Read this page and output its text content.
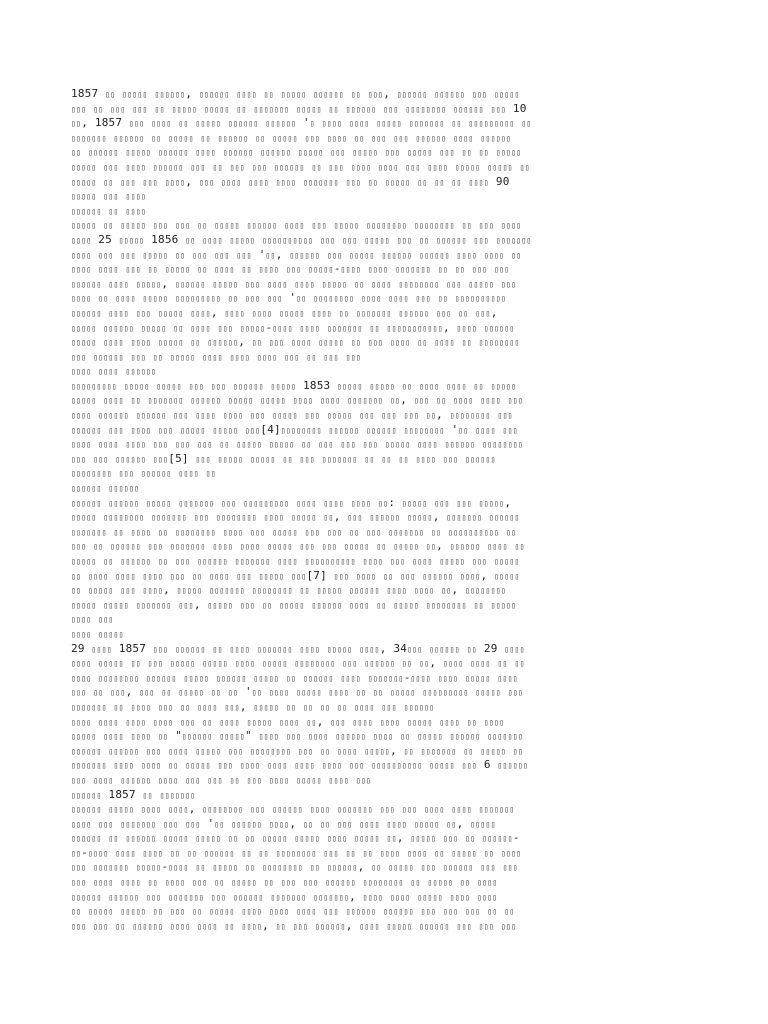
1857 ▯▯ ▯▯▯▯▯ ▯▯▯▯▯▯, ▯▯▯▯▯▯ ▯▯▯▯ ▯▯ ▯▯▯▯▯ ▯▯▯▯▯▯ ▯▯ ▯▯▯, ▯▯▯▯▯▯ ▯▯▯▯▯▯ ▯▯▯ ▯▯▯▯▯
▯▯▯ ▯▯ ▯▯▯ ▯▯▯ ▯▯ ▯▯▯▯▯ ▯▯▯▯▯ ▯▯ ▯▯▯▯▯▯▯ ▯▯▯▯▯ ▯▯ ▯▯▯▯▯▯ ▯▯▯ ▯▯▯▯▯▯▯▯ ▯▯▯▯▯▯ ▯▯▯ 10
▯▯, 1857 ▯▯▯ ▯▯▯▯ ▯▯ ▯▯▯▯▯ ▯▯▯▯▯▯ ▯▯▯▯▯▯ '▯ ▯▯▯▯ ▯▯▯▯ ▯▯▯▯▯ ▯▯▯▯▯▯▯ ▯▯ ▯▯▯▯▯▯▯▯▯ ▯▯
▯▯▯▯▯▯▯ ▯▯▯▯▯▯ ▯▯ ▯▯▯▯▯ ▯▯ ▯▯▯▯▯▯ ▯▯ ▯▯▯▯▯ ▯▯▯ ▯▯▯▯ ▯▯ ▯▯▯ ▯▯▯ ▯▯▯▯▯▯ ▯▯▯▯ ▯▯▯▯▯▯
▯▯ ▯▯▯▯▯▯ ▯▯▯▯▯ ▯▯▯▯▯▯ ▯▯▯▯ ▯▯▯▯▯▯ ▯▯▯▯▯▯ ▯▯▯▯▯ ▯▯▯ ▯▯▯▯▯ ▯▯▯ ▯▯▯▯▯ ▯▯▯ ▯▯ ▯▯ ▯▯▯▯▯
▯▯▯▯▯ ▯▯▯ ▯▯▯▯ ▯▯▯▯▯▯ ▯▯▯ ▯▯ ▯▯▯ ▯▯▯ ▯▯▯▯▯▯ ▯▯ ▯▯▯ ▯▯▯▯ ▯▯▯▯ ▯▯▯ ▯▯▯▯ ▯▯▯▯▯ ▯▯▯▯▯ ▯▯
▯▯▯▯▯ ▯▯ ▯▯▯ ▯▯▯ ▯▯▯▯, ▯▯▯ ▯▯▯▯ ▯▯▯▯ ▯▯▯▯ ▯▯▯▯▯▯▯ ▯▯▯ ▯▯ ▯▯▯▯▯ ▯▯ ▯▯ ▯▯ ▯▯▯▯ 90
▯▯▯▯▯ ▯▯▯ ▯▯▯▯
▯▯▯▯▯▯ ▯▯ ▯▯▯▯
▯▯▯▯▯ ▯▯ ▯▯▯▯▯ ▯▯▯ ▯▯▯ ▯▯ ▯▯▯▯▯ ▯▯▯▯▯▯ ▯▯▯▯ ▯▯▯ ▯▯▯▯▯ ▯▯▯▯▯▯▯▯ ▯▯▯▯▯▯▯▯ ▯▯ ▯▯▯ ▯▯▯▯
▯▯▯▯ 25 ▯▯▯▯▯ 1856 ▯▯ ▯▯▯▯ ▯▯▯▯▯ ▯▯▯▯▯▯▯▯▯▯ ▯▯▯ ▯▯▯ ▯▯▯▯▯ ▯▯▯ ▯▯ ▯▯▯▯▯▯ ▯▯▯ ▯▯▯▯▯▯▯
▯▯▯▯ ▯▯▯ ▯▯▯ ▯▯▯▯▯ ▯▯ ▯▯▯ ▯▯▯ ▯▯▯ '▯▯, ▯▯▯▯▯▯ ▯▯▯ ▯▯▯▯▯ ▯▯▯▯▯▯ ▯▯▯▯▯▯ ▯▯▯▯ ▯▯▯▯ ▯▯
▯▯▯▯ ▯▯▯▯ ▯▯▯ ▯▯ ▯▯▯▯▯ ▯▯ ▯▯▯▯ ▯▯ ▯▯▯▯ ▯▯▯ ▯▯▯▯▯-▯▯▯▯ ▯▯▯▯ ▯▯▯▯▯▯▯ ▯▯ ▯▯ ▯▯▯ ▯▯▯
▯▯▯▯▯▯ ▯▯▯▯ ▯▯▯▯▯, ▯▯▯▯▯▯ ▯▯▯▯▯ ▯▯▯ ▯▯▯▯ ▯▯▯▯ ▯▯▯▯▯ ▯▯ ▯▯▯▯ ▯▯▯▯▯▯▯▯ ▯▯▯ ▯▯▯▯▯ ▯▯▯
▯▯▯▯ ▯▯ ▯▯▯▯ ▯▯▯▯▯ ▯▯▯▯▯▯▯▯▯ ▯▯ ▯▯▯ ▯▯▯ '▯▯ ▯▯▯▯▯▯▯▯ ▯▯▯▯ ▯▯▯▯ ▯▯▯ ▯▯ ▯▯▯▯▯▯▯▯▯▯
▯▯▯▯▯▯ ▯▯▯▯ ▯▯▯ ▯▯▯▯▯ ▯▯▯▯, ▯▯▯▯ ▯▯▯▯ ▯▯▯▯▯ ▯▯▯▯ ▯▯ ▯▯▯▯▯▯▯ ▯▯▯▯▯▯ ▯▯▯ ▯▯ ▯▯▯,
▯▯▯▯▯ ▯▯▯▯▯▯ ▯▯▯▯▯ ▯▯ ▯▯▯▯ ▯▯▯ ▯▯▯▯▯-▯▯▯▯ ▯▯▯▯ ▯▯▯▯▯▯▯ ▯▯ ▯▯▯▯▯▯▯▯▯▯▯, ▯▯▯▯ ▯▯▯▯▯▯
▯▯▯▯▯ ▯▯▯▯ ▯▯▯▯ ▯▯▯▯▯ ▯▯ ▯▯▯▯▯▯, ▯▯ ▯▯▯ ▯▯▯▯ ▯▯▯▯▯ ▯▯ ▯▯▯ ▯▯▯▯ ▯▯ ▯▯▯▯ ▯▯ ▯▯▯▯▯▯▯▯
▯▯▯ ▯▯▯▯▯▯ ▯▯▯ ▯▯ ▯▯▯▯▯ ▯▯▯▯ ▯▯▯▯ ▯▯▯▯ ▯▯▯ ▯▯ ▯▯▯ ▯▯▯
▯▯▯▯ ▯▯▯▯ ▯▯▯▯▯▯
▯▯▯▯▯▯▯▯▯ ▯▯▯▯▯ ▯▯▯▯▯ ▯▯▯ ▯▯▯ ▯▯▯▯▯▯ ▯▯▯▯▯ 1853 ▯▯▯▯▯ ▯▯▯▯▯ ▯▯ ▯▯▯▯ ▯▯▯▯ ▯▯ ▯▯▯▯▯
▯▯▯▯▯ ▯▯▯▯ ▯▯ ▯▯▯▯▯▯▯ ▯▯▯▯▯▯ ▯▯▯▯▯ ▯▯▯▯▯ ▯▯▯▯ ▯▯▯▯ ▯▯▯▯▯▯▯ ▯▯, ▯▯▯ ▯▯ ▯▯▯▯ ▯▯▯▯ ▯▯▯
▯▯▯▯ ▯▯▯▯▯▯ ▯▯▯▯▯▯ ▯▯▯ ▯▯▯▯ ▯▯▯▯ ▯▯▯ ▯▯▯▯▯ ▯▯▯ ▯▯▯▯▯ ▯▯▯ ▯▯▯ ▯▯▯ ▯▯, ▯▯▯▯▯▯▯▯ ▯▯▯
▯▯▯▯▯▯ ▯▯▯ ▯▯▯▯ ▯▯▯ ▯▯▯▯▯ ▯▯▯▯▯ ▯▯▯[4]▯▯▯▯▯▯▯▯ ▯▯▯▯▯▯ ▯▯▯▯▯▯ ▯▯▯▯▯▯▯▯ '▯▯ ▯▯▯▯ ▯▯▯
▯▯▯▯ ▯▯▯▯ ▯▯▯▯ ▯▯▯ ▯▯▯ ▯▯▯ ▯▯ ▯▯▯▯▯ ▯▯▯▯▯ ▯▯ ▯▯▯ ▯▯▯ ▯▯▯ ▯▯▯▯▯ ▯▯▯▯ ▯▯▯▯▯▯ ▯▯▯▯▯▯▯▯
▯▯▯ ▯▯▯ ▯▯▯▯▯▯ ▯▯▯[5] ▯▯▯ ▯▯▯▯▯ ▯▯▯▯▯ ▯▯ ▯▯▯ ▯▯▯▯▯▯▯ ▯▯ ▯▯ ▯▯ ▯▯▯▯ ▯▯▯ ▯▯▯▯▯▯
▯▯▯▯▯▯▯▯ ▯▯▯ ▯▯▯▯▯▯ ▯▯▯▯ ▯▯
▯▯▯▯▯▯ ▯▯▯▯▯▯
▯▯▯▯▯▯ ▯▯▯▯▯▯ ▯▯▯▯▯ ▯▯▯▯▯▯▯ ▯▯▯ ▯▯▯▯▯▯▯▯▯ ▯▯▯▯ ▯▯▯▯ ▯▯▯▯ ▯▯: ▯▯▯▯▯ ▯▯▯ ▯▯▯ ▯▯▯▯▯,
▯▯▯▯▯ ▯▯▯▯▯▯▯▯ ▯▯▯▯▯▯▯ ▯▯▯ ▯▯▯▯▯▯▯▯ ▯▯▯▯ ▯▯▯▯▯ ▯▯, ▯▯▯ ▯▯▯▯▯▯ ▯▯▯▯▯, ▯▯▯▯▯▯▯ ▯▯▯▯▯▯
▯▯▯▯▯▯▯ ▯▯ ▯▯▯▯ ▯▯ ▯▯▯▯▯▯▯▯ ▯▯▯▯ ▯▯▯ ▯▯▯▯▯ ▯▯▯ ▯▯▯ ▯▯ ▯▯▯ ▯▯▯▯▯▯▯ ▯▯ ▯▯▯▯▯▯▯▯▯▯ ▯▯
▯▯▯ ▯▯ ▯▯▯▯▯▯ ▯▯▯ ▯▯▯▯▯▯▯ ▯▯▯▯ ▯▯▯▯ ▯▯▯▯▯ ▯▯▯ ▯▯▯ ▯▯▯▯▯ ▯▯ ▯▯▯▯▯ ▯▯, ▯▯▯▯▯▯ ▯▯▯▯ ▯▯
▯▯▯▯▯ ▯▯ ▯▯▯▯▯▯ ▯▯ ▯▯▯ ▯▯▯▯▯▯ ▯▯▯▯▯▯▯ ▯▯▯▯ ▯▯▯▯▯▯▯▯▯▯ ▯▯▯▯ ▯▯▯ ▯▯▯▯ ▯▯▯▯▯ ▯▯▯ ▯▯▯▯▯
▯▯ ▯▯▯▯ ▯▯▯▯ ▯▯▯▯ ▯▯▯ ▯▯ ▯▯▯▯ ▯▯▯ ▯▯▯▯▯ ▯▯▯[7] ▯▯▯ ▯▯▯▯ ▯▯ ▯▯▯ ▯▯▯▯▯▯ ▯▯▯▯, ▯▯▯▯▯
▯▯ ▯▯▯▯▯ ▯▯▯ ▯▯▯▯, ▯▯▯▯▯ ▯▯▯▯▯▯▯ ▯▯▯▯▯▯▯▯ ▯▯ ▯▯▯▯▯ ▯▯▯▯▯▯ ▯▯▯▯ ▯▯▯▯ ▯▯, ▯▯▯▯▯▯▯▯
▯▯▯▯▯ ▯▯▯▯▯ ▯▯▯▯▯▯▯ ▯▯▯, ▯▯▯▯▯ ▯▯▯ ▯▯ ▯▯▯▯▯ ▯▯▯▯▯▯ ▯▯▯▯ ▯▯ ▯▯▯▯▯ ▯▯▯▯▯▯▯▯ ▯▯ ▯▯▯▯▯
▯▯▯▯ ▯▯▯
▯▯▯▯ ▯▯▯▯▯
29 ▯▯▯▯ 1857 ▯▯▯ ▯▯▯▯▯▯ ▯▯ ▯▯▯▯ ▯▯▯▯▯▯▯ ▯▯▯▯ ▯▯▯▯▯ ▯▯▯▯, 34▯▯▯ ▯▯▯▯▯▯ ▯▯ 29 ▯▯▯▯
▯▯▯▯ ▯▯▯▯▯ ▯▯ ▯▯▯ ▯▯▯▯▯ ▯▯▯▯▯ ▯▯▯▯ ▯▯▯▯▯ ▯▯▯▯▯▯▯▯ ▯▯▯ ▯▯▯▯▯▯ ▯▯ ▯▯, ▯▯▯▯ ▯▯▯▯ ▯▯ ▯▯
▯▯▯▯ ▯▯▯▯▯▯▯▯ ▯▯▯▯▯▯ ▯▯▯▯▯ ▯▯▯▯▯▯ ▯▯▯▯▯ ▯▯ ▯▯▯▯▯▯ ▯▯▯▯ ▯▯▯▯▯▯▯-▯▯▯▯ ▯▯▯▯ ▯▯▯▯▯ ▯▯▯▯
▯▯▯ ▯▯ ▯▯▯, ▯▯▯ ▯▯ ▯▯▯▯▯ ▯▯ ▯▯ '▯▯ ▯▯▯▯ ▯▯▯▯▯ ▯▯▯▯ ▯▯ ▯▯ ▯▯▯▯▯ ▯▯▯▯▯▯▯▯▯ ▯▯▯▯▯ ▯▯▯
▯▯▯▯▯▯▯ ▯▯ ▯▯▯▯ ▯▯▯ ▯▯ ▯▯▯▯ ▯▯▯, ▯▯▯▯▯ ▯▯ ▯▯ ▯▯ ▯▯ ▯▯▯▯ ▯▯▯ ▯▯▯▯▯▯
▯▯▯▯ ▯▯▯▯ ▯▯▯▯ ▯▯▯▯ ▯▯▯ ▯▯ ▯▯▯▯ ▯▯▯▯▯ ▯▯▯▯ ▯▯, ▯▯▯ ▯▯▯▯ ▯▯▯▯ ▯▯▯▯▯ ▯▯▯▯ ▯▯ ▯▯▯▯
▯▯▯▯▯ ▯▯▯▯ ▯▯▯▯ ▯▯ "▯▯▯▯▯▯ ▯▯▯▯▯" ▯▯▯▯ ▯▯▯ ▯▯▯▯ ▯▯▯▯▯▯ ▯▯▯▯ ▯▯ ▯▯▯▯▯ ▯▯▯▯▯▯ ▯▯▯▯▯▯▯
▯▯▯▯▯▯ ▯▯▯▯▯▯ ▯▯▯ ▯▯▯▯ ▯▯▯▯▯ ▯▯▯ ▯▯▯▯▯▯▯▯ ▯▯▯ ▯▯ ▯▯▯▯ ▯▯▯▯▯, ▯▯ ▯▯▯▯▯▯▯ ▯▯ ▯▯▯▯▯ ▯▯
▯▯▯▯▯▯▯ ▯▯▯▯ ▯▯▯▯ ▯▯ ▯▯▯▯▯ ▯▯▯ ▯▯▯▯ ▯▯▯▯ ▯▯▯▯ ▯▯▯▯ ▯▯▯ ▯▯▯▯▯▯▯▯▯▯ ▯▯▯▯▯ ▯▯▯ 6 ▯▯▯▯▯▯
▯▯▯ ▯▯▯▯ ▯▯▯▯▯▯ ▯▯▯▯ ▯▯▯ ▯▯▯ ▯▯ ▯▯▯ ▯▯▯▯ ▯▯▯▯▯ ▯▯▯▯ ▯▯▯
▯▯▯▯▯▯ 1857 ▯▯ ▯▯▯▯▯▯▯
▯▯▯▯▯▯ ▯▯▯▯▯ ▯▯▯▯ ▯▯▯▯, ▯▯▯▯▯▯▯▯ ▯▯▯ ▯▯▯▯▯▯ ▯▯▯▯ ▯▯▯▯▯▯▯ ▯▯▯ ▯▯▯ ▯▯▯▯ ▯▯▯▯ ▯▯▯▯▯▯▯
▯▯▯▯ ▯▯▯ ▯▯▯▯▯▯▯ ▯▯▯ ▯▯▯ '▯▯ ▯▯▯▯▯▯ ▯▯▯▯, ▯▯ ▯▯ ▯▯▯ ▯▯▯▯ ▯▯▯▯ ▯▯▯▯▯ ▯▯, ▯▯▯▯▯
▯▯▯▯▯▯ ▯▯ ▯▯▯▯▯▯ ▯▯▯▯▯ ▯▯▯▯▯ ▯▯ ▯▯ ▯▯▯▯▯ ▯▯▯▯▯ ▯▯▯▯ ▯▯▯▯▯ ▯▯, ▯▯▯▯▯ ▯▯▯ ▯▯ ▯▯▯▯▯▯-
▯▯-▯▯▯▯ ▯▯▯▯ ▯▯▯▯ ▯▯ ▯▯ ▯▯▯▯▯▯ ▯▯ ▯▯ ▯▯▯▯▯▯▯▯ ▯▯▯ ▯▯ ▯▯ ▯▯▯▯ ▯▯▯▯ ▯▯ ▯▯▯▯▯ ▯▯ ▯▯▯▯
▯▯▯ ▯▯▯▯▯▯▯ ▯▯▯▯▯-▯▯▯▯ ▯▯ ▯▯▯▯▯ ▯▯ ▯▯▯▯▯▯▯▯ ▯▯ ▯▯▯▯▯▯, ▯▯ ▯▯▯▯▯ ▯▯▯ ▯▯▯▯▯▯ ▯▯▯ ▯▯▯
▯▯▯ ▯▯▯▯ ▯▯▯▯ ▯▯ ▯▯▯▯ ▯▯▯ ▯▯ ▯▯▯▯▯ ▯▯ ▯▯▯ ▯▯▯ ▯▯▯▯▯▯ ▯▯▯▯▯▯▯▯ ▯▯ ▯▯▯▯▯ ▯▯ ▯▯▯▯
▯▯▯▯▯▯ ▯▯▯▯▯▯ ▯▯▯ ▯▯▯▯▯▯▯ ▯▯▯ ▯▯▯▯▯▯ ▯▯▯▯▯▯▯ ▯▯▯▯▯▯▯, ▯▯▯▯ ▯▯▯▯ ▯▯▯▯▯ ▯▯▯▯ ▯▯▯▯
▯▯ ▯▯▯▯▯ ▯▯▯▯▯ ▯▯ ▯▯▯ ▯▯ ▯▯▯▯▯ ▯▯▯▯ ▯▯▯▯ ▯▯▯▯ ▯▯▯ ▯▯▯▯▯▯ ▯▯▯▯▯▯ ▯▯▯ ▯▯▯ ▯▯▯ ▯▯ ▯▯
▯▯▯ ▯▯▯ ▯▯ ▯▯▯▯▯▯ ▯▯▯▯ ▯▯▯▯ ▯▯ ▯▯▯▯, ▯▯ ▯▯▯ ▯▯▯▯▯▯, ▯▯▯▯ ▯▯▯▯▯ ▯▯▯▯▯▯ ▯▯▯ ▯▯▯ ▯▯▯
